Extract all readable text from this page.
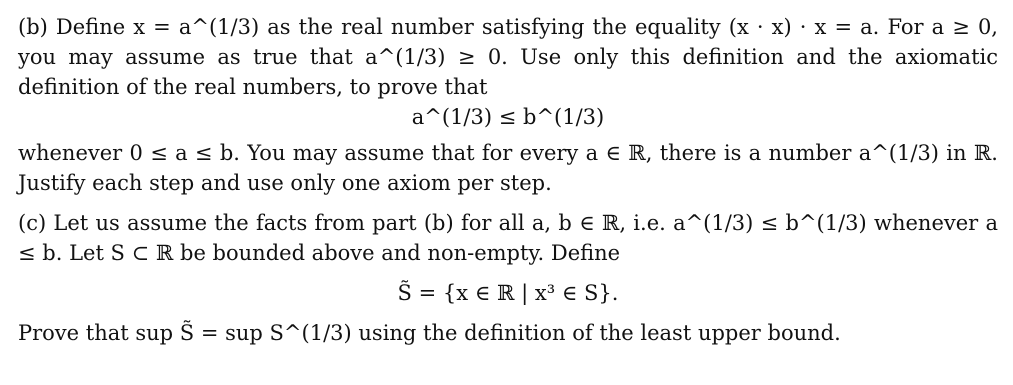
(b) Define x = a^(1/3) as the real number satisfying the equality (x · x) · x = a. For a ≥ 0, you may assume as true that a^(1/3) ≥ 0. Use only this definition and the axiomatic definition of the real numbers, to prove that

a^(1/3) ≤ b^(1/3)

whenever 0 ≤ a ≤ b. You may assume that for every a ∈ ℝ, there is a number a^(1/3) in ℝ. Justify each step and use only one axiom per step.

(c) Let us assume the facts from part (b) for all a, b ∈ ℝ, i.e. a^(1/3) ≤ b^(1/3) whenever a ≤ b. Let S ⊂ ℝ be bounded above and non-empty. Define

S̃ = {x ∈ ℝ | x³ ∈ S}.

Prove that sup S̃ = sup S^(1/3) using the definition of the least upper bound.
